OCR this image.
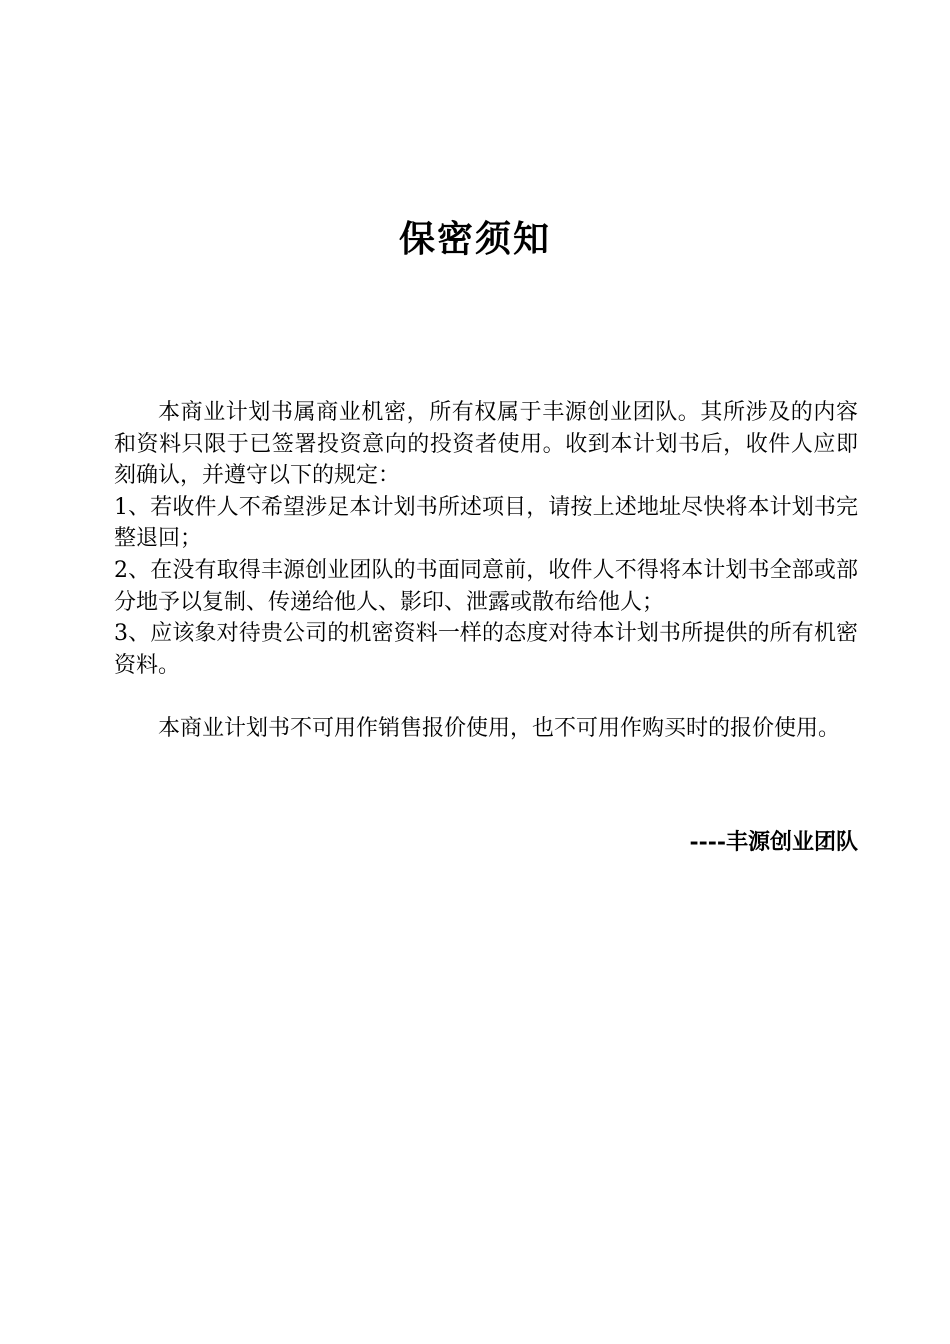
保密须知

本商业计划书属商业机密，所有权属于丰源创业团队。其所涉及的内容和资料只限于已签署投资意向的投资者使用。收到本计划书后，收件人应即刻确认，并遵守以下的规定：

1、若收件人不希望涉足本计划书所述项目，请按上述地址尽快将本计划书完整退回；

2、在没有取得丰源创业团队的书面同意前，收件人不得将本计划书全部或部分地予以复制、传递给他人、影印、泄露或散布给他人；

3、应该象对待贵公司的机密资料一样的态度对待本计划书所提供的所有机密资料。

本商业计划书不可用作销售报价使用，也不可用作购买时的报价使用。

----丰源创业团队
